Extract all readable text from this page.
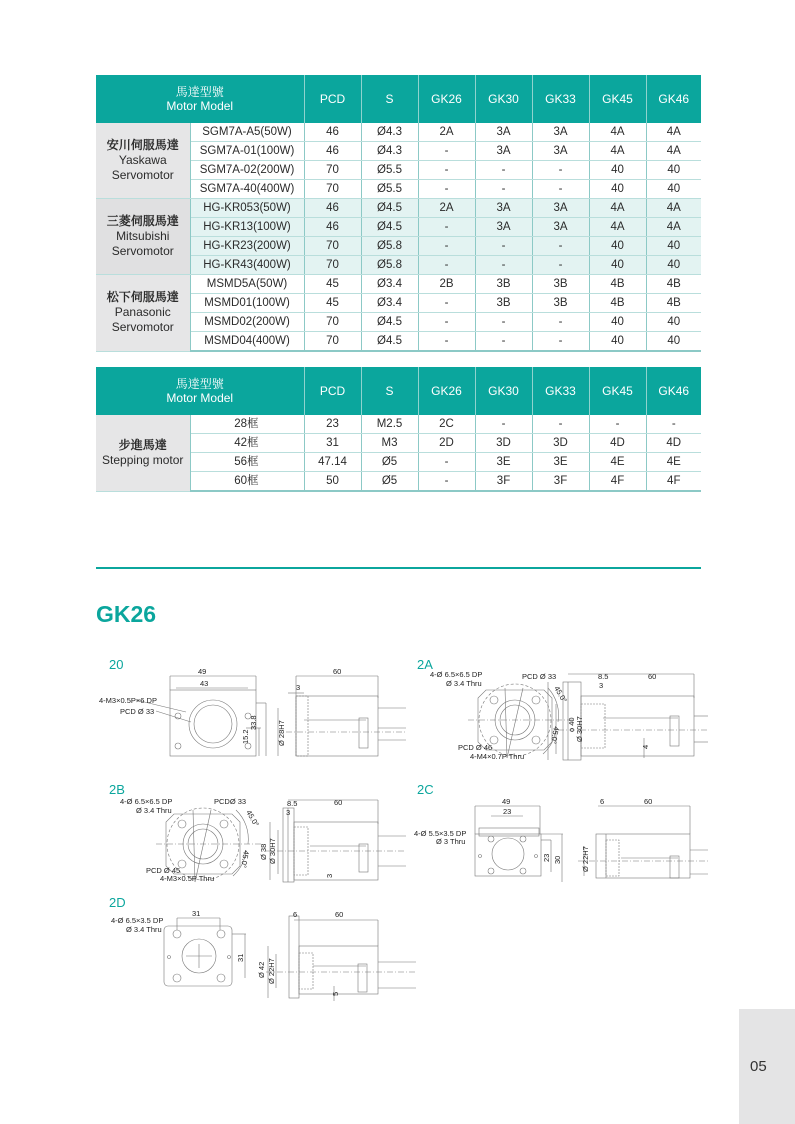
馬達型號
Motor Model		PCD	S	GK26	GK30	GK33	GK45	GK46

安川伺服馬達
Yaskawa
Servomotor	SGM7A-A5(50W)	46	Ø4.3	2A	3A	3A	4A	4A
	SGM7A-01(100W)	46	Ø4.3	-	3A	3A	4A	4A
	SGM7A-02(200W)	70	Ø5.5	-	-	-	40	40
	SGM7A-40(400W)	70	Ø5.5	-	-	-	40	40

三菱伺服馬達
Mitsubishi
Servomotor	HG-KR053(50W)	46	Ø4.5	2A	3A	3A	4A	4A
	HG-KR13(100W)	46	Ø4.5	-	3A	3A	4A	4A
	HG-KR23(200W)	70	Ø5.8	-	-	-	40	40
	HG-KR43(400W)	70	Ø5.8	-	-	-	40	40

松下伺服馬達
Panasonic
Servomotor	MSMD5A(50W)	45	Ø3.4	2B	3B	3B	4B	4B
	MSMD01(100W)	45	Ø3.4	-	3B	3B	4B	4B
	MSMD02(200W)	70	Ø4.5	-	-	-	40	40
	MSMD04(400W)	70	Ø4.5	-	-	-	40	40
馬達型號
Motor Model		PCD	S	GK26	GK30	GK33	GK45	GK46

步進馬達
Stepping motor	28框	23	M2.5	2C	-	-	-	-
	42框	31	M3	2D	3D	3D	4D	4D
	56框	47.14	Ø5	-	3E	3E	4E	4E
	60框	50	Ø5	-	3F	3F	4F	4F
GK26
20	49
43
4-M3×0.5P×6 DP
PCD Ø 33
15.2
33.8
60
3
Ø 28H7
2A
4-Ø 6.5×6.5 DP
Ø 3.4 Thru
PCD Ø 33
45.0°
45.0°
PCD Ø 46
4-M4×0.7P Thru
8.5
3
60
o 40 Ø 30H7
4
2B
4-Ø 6.5×6.5 DP
Ø 3.4 Thru
PCDØ 33
45.0°
45.0°
PCD Ø 45
4-M3×0.5P Thru
8.5
3
60
Ø 38 Ø 30H7
3
2C
49
23
4-Ø 5.5×3.5 DP
Ø 3 Thru
23 30
6	60
Ø 22H7
2D
31
4-Ø 6.5×3.5 DP
Ø 3.4 Thru
31
6	60
Ø 42 Ø 22H7
5
05
